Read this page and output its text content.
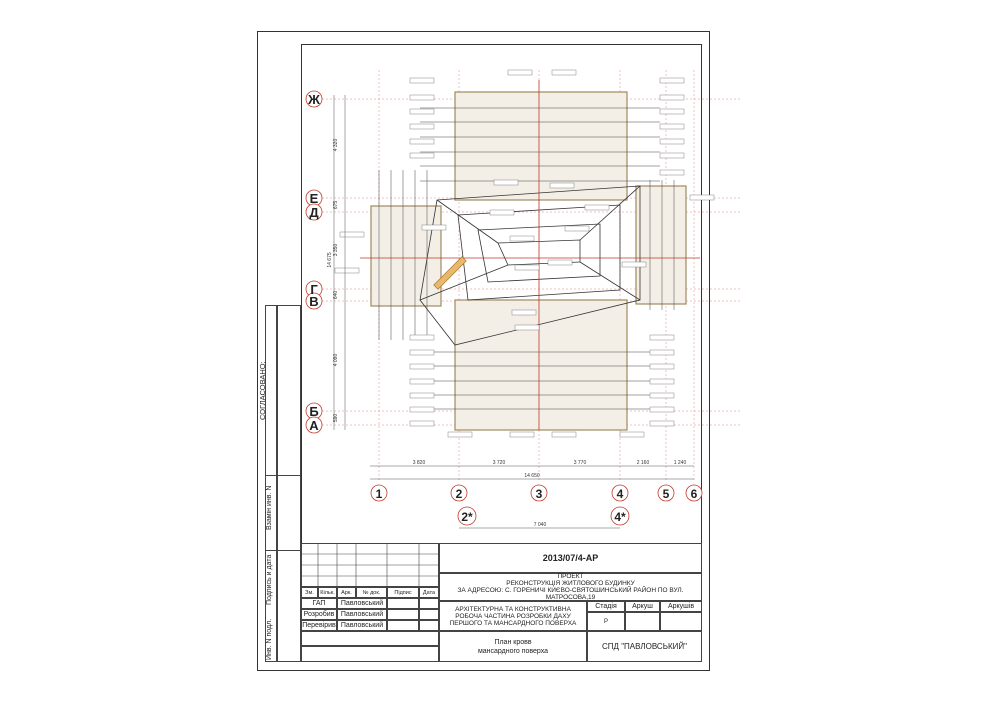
СОГЛАСОВАНО:
Взамін инв. N
Подпись и дата
Инв. N подл.
Ж
Е
Д
Г
В
Б
А
1	2	3	4	5 6
2*	4*
4 320
675
3 350
14 675
640
4 090
590
3 820	3 720	3 770	2 160	1 240
14 650
7 040
2013/07/4-АР
ПРОЕКТ
РЕКОНСТРУКЦІЯ ЖИТЛОВОГО БУДИНКУ
ЗА АДРЕСОЮ: С. ГОРЕНИЧІ КИЄВО-СВЯТОШИНСЬКИЙ РАЙОН ПО ВУЛ. МАТРОСОВА,19
Зм.	Кільк.	Арк.	№ док.	Підпис	Дата
ГАП	Павловський
Розробив Павловський
Перевірив Павловський
АРХІТЕКТУРНА ТА КОНСТРУКТИВНА
РОБОЧА ЧАСТИНА РОЗРОБКИ ДАХУ
ПЕРШОГО ТА МАНСАРДНОГО ПОВЕРХА
Стадія	Аркуш	Аркушів
Р
План кровв
мансардного поверха
СПД "ПАВЛОВСЬКИЙ"
